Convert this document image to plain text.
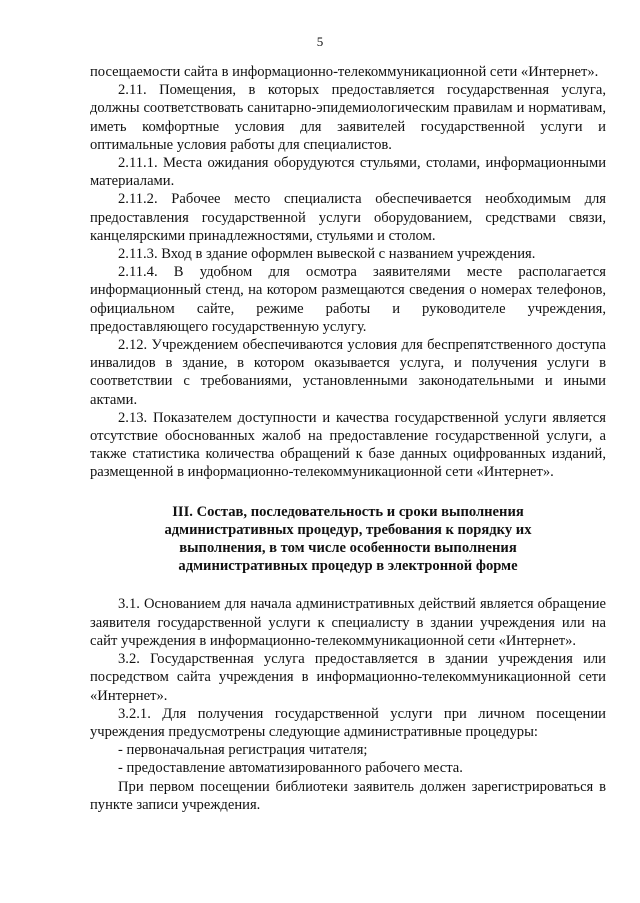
5

посещаемости сайта в информационно-телекоммуникационной сети «Интернет».

2.11. Помещения, в которых предоставляется государственная услуга, должны соответствовать санитарно-эпидемиологическим правилам и нормативам, иметь комфортные условия для заявителей государственной услуги и оптимальные условия работы для специалистов.

2.11.1. Места ожидания оборудуются стульями, столами, информационными материалами.

2.11.2. Рабочее место специалиста обеспечивается необходимым для предоставления государственной услуги оборудованием, средствами связи, канцелярскими принадлежностями, стульями и столом.

2.11.3. Вход в здание оформлен вывеской с названием учреждения.

2.11.4. В удобном для осмотра заявителями месте располагается информационный стенд, на котором размещаются сведения о номерах телефонов, официальном сайте, режиме работы и руководителе учреждения, предоставляющего государственную услугу.

2.12. Учреждением обеспечиваются условия для беспрепятственного доступа инвалидов в здание, в котором оказывается услуга, и получения услуги в соответствии с требованиями, установленными законодательными и иными актами.

2.13. Показателем доступности и качества государственной услуги является отсутствие обоснованных жалоб на предоставление государственной услуги, а также статистика количества обращений к базе данных оцифрованных изданий, размещенной в информационно-телекоммуникационной сети «Интернет».

III. Состав, последовательность и сроки выполнения
административных процедур, требования к порядку их
выполнения, в том числе особенности выполнения
административных процедур в электронной форме

3.1. Основанием для начала административных действий является обращение заявителя государственной услуги к специалисту в здании учреждения или на сайт учреждения в информационно-телекоммуникационной сети «Интернет».

3.2. Государственная услуга предоставляется в здании учреждения или посредством сайта учреждения в информационно-телекоммуникационной сети «Интернет».

3.2.1. Для получения государственной услуги при личном посещении учреждения предусмотрены следующие административные процедуры:

- первоначальная регистрация читателя;

- предоставление автоматизированного рабочего места.

При первом посещении библиотеки заявитель должен зарегистрироваться в пункте записи учреждения.
